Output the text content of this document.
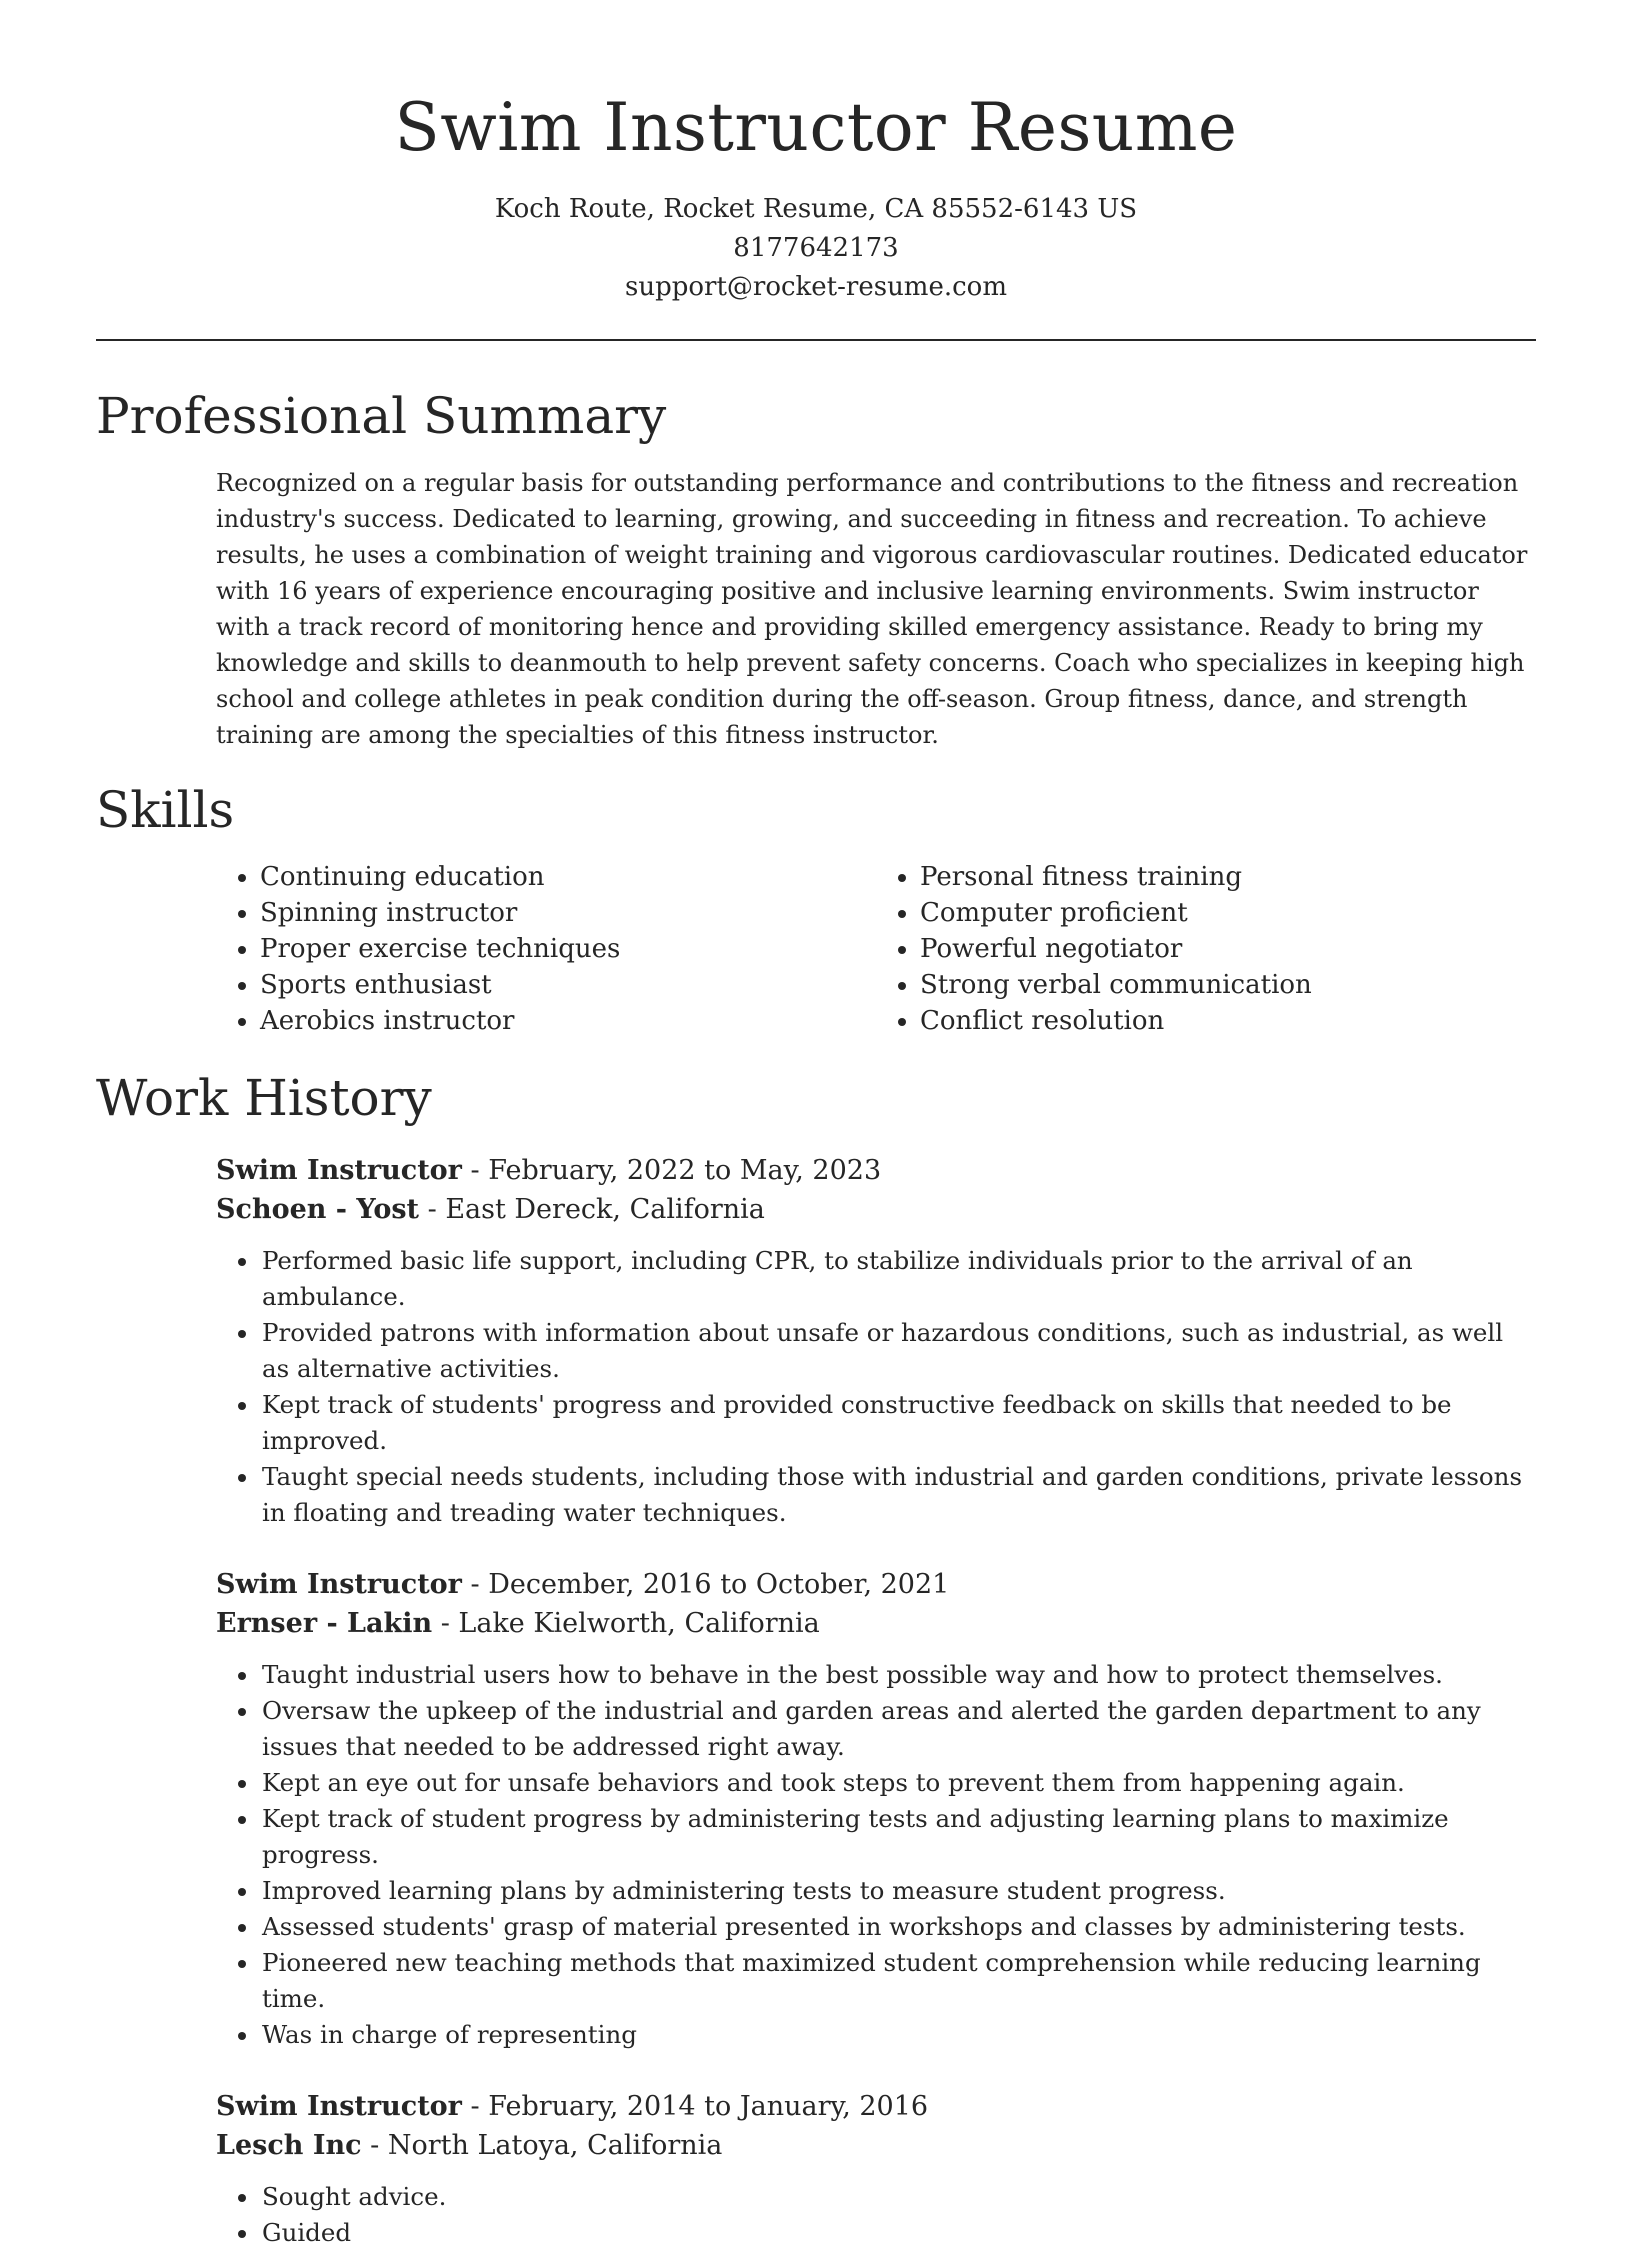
Swim Instructor Resume
Koch Route, Rocket Resume, CA 85552-6143 US
8177642173
support@rocket-resume.com
Professional Summary

Recognized on a regular basis for outstanding performance and contributions to the fitness and recreation industry's success. Dedicated to learning, growing, and succeeding in fitness and recreation. To achieve results, he uses a combination of weight training and vigorous cardiovascular routines. Dedicated educator with 16 years of experience encouraging positive and inclusive learning environments. Swim instructor with a track record of monitoring hence and providing skilled emergency assistance. Ready to bring my knowledge and skills to deanmouth to help prevent safety concerns. Coach who specializes in keeping high school and college athletes in peak condition during the off-season. Group fitness, dance, and strength training are among the specialties of this fitness instructor.

Skills
• Continuing education
• Spinning instructor
• Proper exercise techniques
• Sports enthusiast
• Aerobics instructor
• Personal fitness training
• Computer proficient
• Powerful negotiator
• Strong verbal communication
• Conflict resolution
Work History
Swim Instructor - February, 2022 to May, 2023
Schoen - Yost - East Dereck, California
• Performed basic life support, including CPR, to stabilize individuals prior to the arrival of an ambulance.
• Provided patrons with information about unsafe or hazardous conditions, such as industrial, as well as alternative activities.
• Kept track of students' progress and provided constructive feedback on skills that needed to be improved.
• Taught special needs students, including those with industrial and garden conditions, private lessons in floating and treading water techniques.
Swim Instructor - December, 2016 to October, 2021
Ernser - Lakin - Lake Kielworth, California
• Taught industrial users how to behave in the best possible way and how to protect themselves.
• Oversaw the upkeep of the industrial and garden areas and alerted the garden department to any issues that needed to be addressed right away.
• Kept an eye out for unsafe behaviors and took steps to prevent them from happening again.
• Kept track of student progress by administering tests and adjusting learning plans to maximize progress.
• Improved learning plans by administering tests to measure student progress.
• Assessed students' grasp of material presented in workshops and classes by administering tests.
• Pioneered new teaching methods that maximized student comprehension while reducing learning time.
• Was in charge of representing
Swim Instructor - February, 2014 to January, 2016
Lesch Inc - North Latoya, California
• Sought advice.
• Guided
